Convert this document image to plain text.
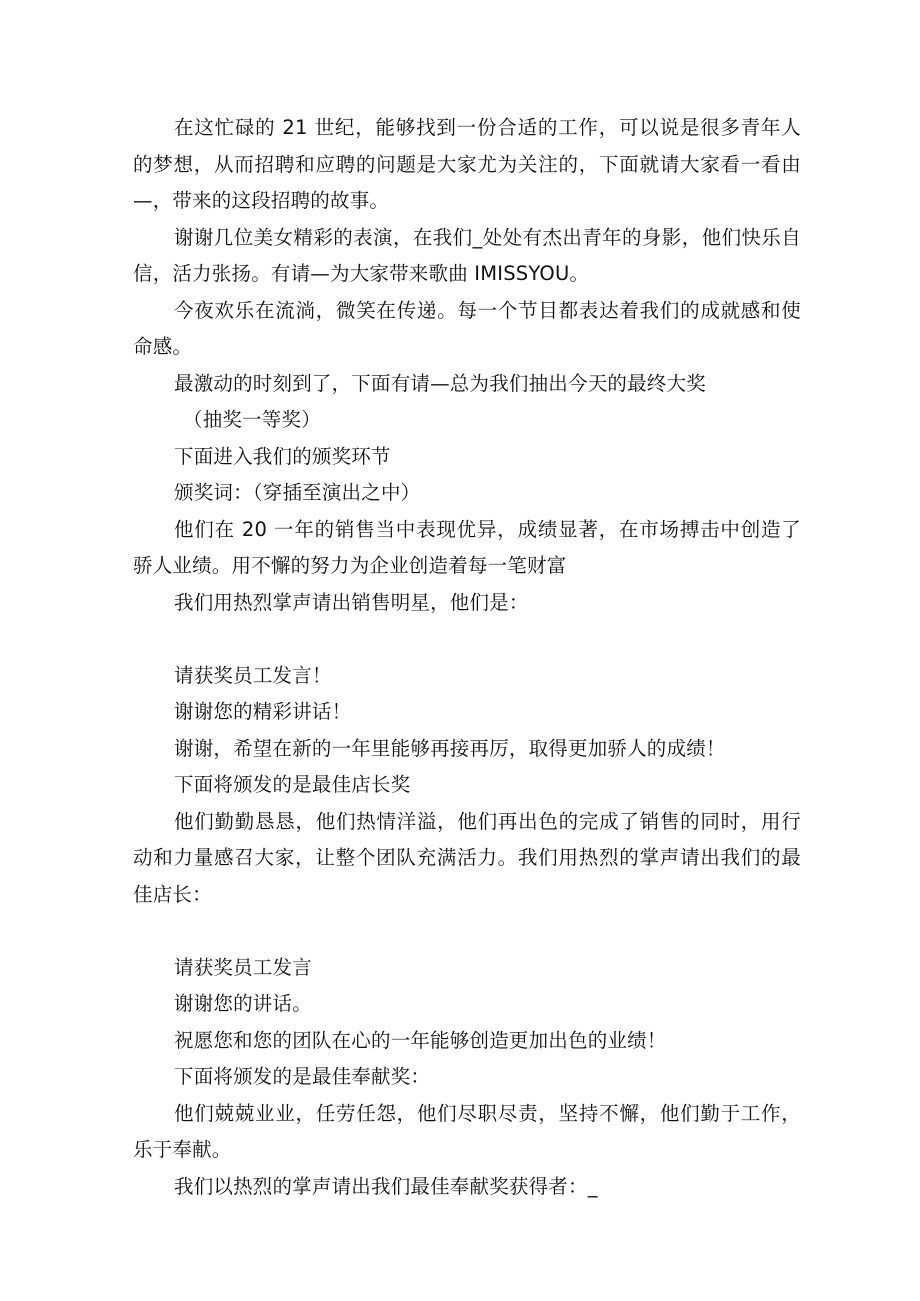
在这忙碌的 21 世纪，能够找到一份合适的工作，可以说是很多青年人的梦想，从而招聘和应聘的问题是大家尤为关注的，下面就请大家看一看由—，带来的这段招聘的故事。

谢谢几位美女精彩的表演，在我们_处处有杰出青年的身影，他们快乐自信，活力张扬。有请—为大家带来歌曲 IMISSYOU。

今夜欢乐在流淌，微笑在传递。每一个节目都表达着我们的成就感和使命感。

最激动的时刻到了，下面有请—总为我们抽出今天的最终大奖

（抽奖一等奖）

下面进入我们的颁奖环节

颁奖词：（穿插至演出之中）

他们在 20 一年的销售当中表现优异，成绩显著，在市场搏击中创造了骄人业绩。用不懈的努力为企业创造着每一笔财富

我们用热烈掌声请出销售明星，他们是：

请获奖员工发言！

谢谢您的精彩讲话！

谢谢，希望在新的一年里能够再接再厉，取得更加骄人的成绩！

下面将颁发的是最佳店长奖

他们勤勤恳恳，他们热情洋溢，他们再出色的完成了销售的同时，用行动和力量感召大家，让整个团队充满活力。我们用热烈的掌声请出我们的最佳店长：

请获奖员工发言

谢谢您的讲话。

祝愿您和您的团队在心的一年能够创造更加出色的业绩！

下面将颁发的是最佳奉献奖：

他们兢兢业业，任劳任怨，他们尽职尽责，坚持不懈，他们勤于工作，乐于奉献。

我们以热烈的掌声请出我们最佳奉献奖获得者：_
